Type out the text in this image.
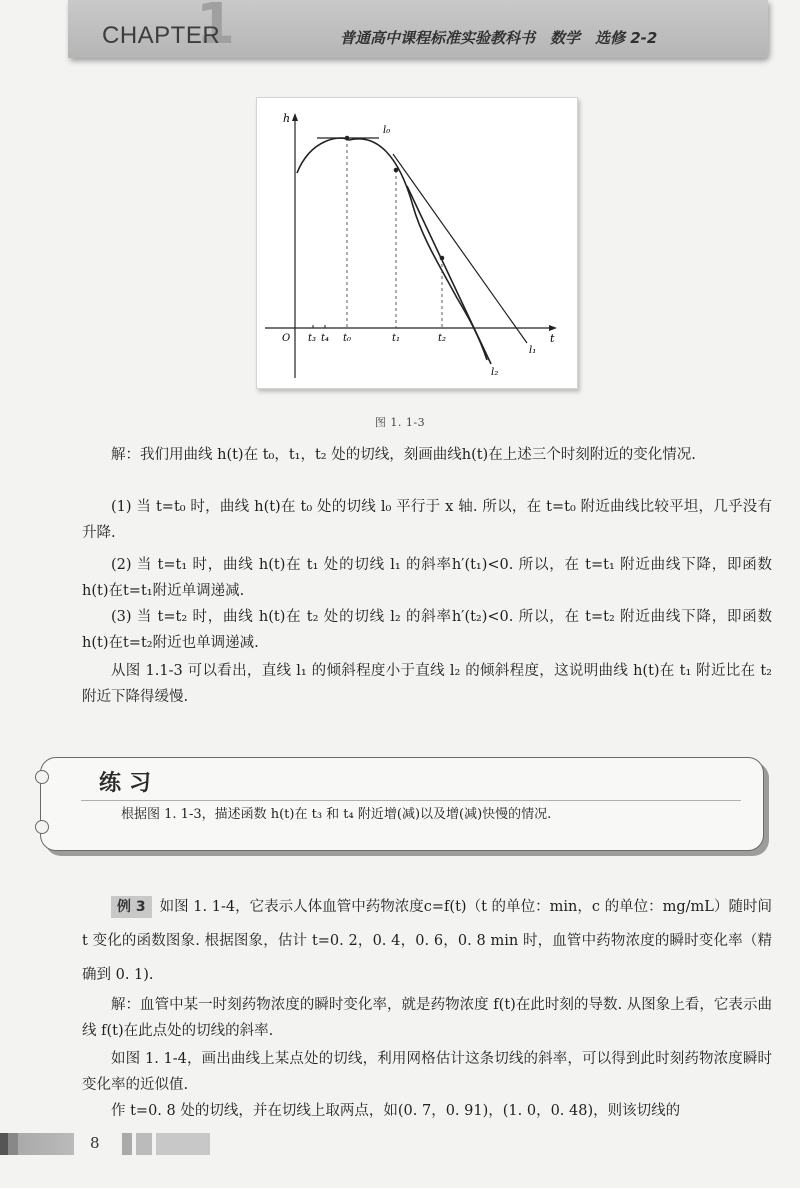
1
CHAPTER	普通高中课程标准实验教科书　数学　选修 2-2
h
t
O t₃ t₄ t₀	t₁	t₂
l₀
l₁
l₂
图 1. 1-3
解：我们用曲线 h(t)在 t₀，t₁，t₂ 处的切线，刻画曲线h(t)在上述三个时刻附近的变化情况.
(1) 当 t=t₀ 时，曲线 h(t)在 t₀ 处的切线 l₀ 平行于 x 轴. 所以，在 t=t₀ 附近曲线比较平坦，几乎没有升降.
(2) 当 t=t₁ 时，曲线 h(t)在 t₁ 处的切线 l₁ 的斜率h′(t₁)<0. 所以，在 t=t₁ 附近曲线下降，即函数 h(t)在t=t₁附近单调递减.
(3) 当 t=t₂ 时，曲线 h(t)在 t₂ 处的切线 l₂ 的斜率h′(t₂)<0. 所以，在 t=t₂ 附近曲线下降，即函数 h(t)在t=t₂附近也单调递减.
从图 1.1-3 可以看出，直线 l₁ 的倾斜程度小于直线 l₂ 的倾斜程度，这说明曲线 h(t)在 t₁ 附近比在 t₂ 附近下降得缓慢.
练习
根据图 1. 1-3，描述函数 h(t)在 t₃ 和 t₄ 附近增(减)以及增(减)快慢的情况.
例 3 如图 1. 1-4，它表示人体血管中药物浓度c=f(t)（t 的单位：min，c 的单位：mg/mL）随时间 t 变化的函数图象. 根据图象，估计 t=0. 2，0. 4，0. 6，0. 8 min 时，血管中药物浓度的瞬时变化率（精确到 0. 1).
解：血管中某一时刻药物浓度的瞬时变化率，就是药物浓度 f(t)在此时刻的导数. 从图象上看，它表示曲线 f(t)在此点处的切线的斜率.
如图 1. 1-4，画出曲线上某点处的切线，利用网格估计这条切线的斜率，可以得到此时刻药物浓度瞬时变化率的近似值.
作 t=0. 8 处的切线，并在切线上取两点，如(0. 7，0. 91)，(1. 0，0. 48)，则该切线的
8
